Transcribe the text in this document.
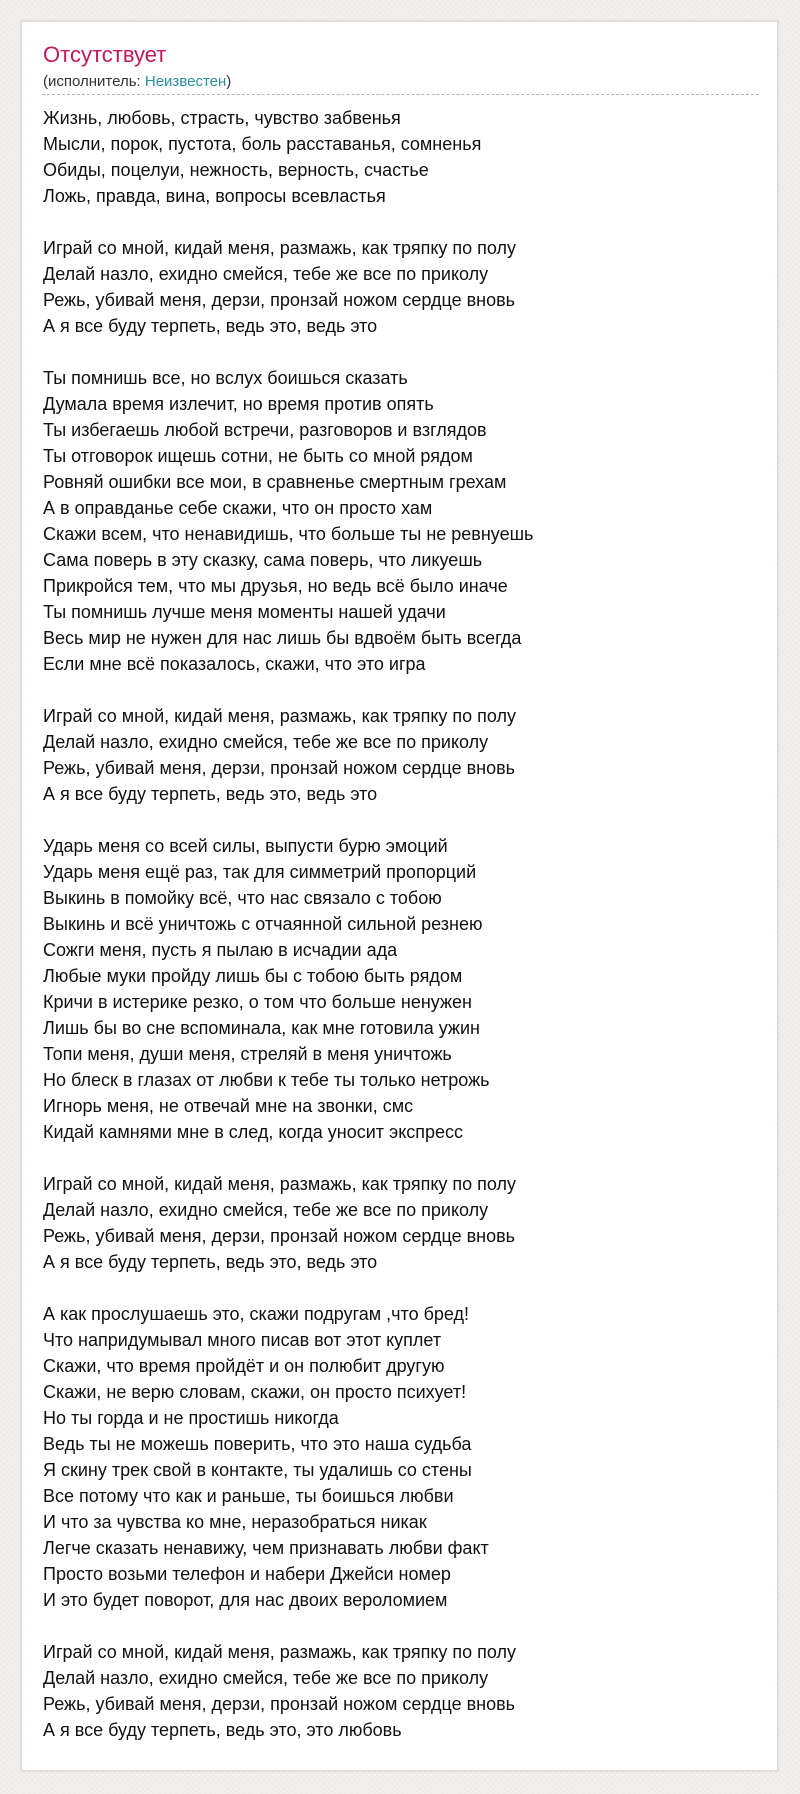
Отсутствует
(исполнитель: Неизвестен)
Жизнь, любовь, страсть, чувство забвенья
Мысли, порок, пустота, боль расставанья, сомненья
Обиды, поцелуи, нежность, верность, счастье
Ложь, правда, вина, вопросы всевластья
Играй со мной, кидай меня, размажь, как тряпку по полу
Делай назло, ехидно смейся, тебе же все по приколу
Режь, убивай меня, дерзи, пронзай ножом сердце вновь
А я все буду терпеть, ведь это, ведь это
Ты помнишь все, но вслух боишься сказать
Думала время излечит, но время против опять
Ты избегаешь любой встречи, разговоров и взглядов
Ты отговорок ищешь сотни, не быть со мной рядом
Ровняй ошибки все мои, в сравненье смертным грехам
А в оправданье себе скажи, что он просто хам
Скажи всем, что ненавидишь, что больше ты не ревнуешь
Сама поверь в эту сказку, сама поверь, что ликуешь
Прикройся тем, что мы друзья, но ведь всё было иначе
Ты помнишь лучше меня моменты нашей удачи
Весь мир не нужен для нас лишь бы вдвоём быть всегда
Если мне всё показалось, скажи, что это игра
Играй со мной, кидай меня, размажь, как тряпку по полу
Делай назло, ехидно смейся, тебе же все по приколу
Режь, убивай меня, дерзи, пронзай ножом сердце вновь
А я все буду терпеть, ведь это, ведь это
Ударь меня со всей силы, выпусти бурю эмоций
Ударь меня ещё раз, так для симметрий пропорций
Выкинь в помойку всё, что нас связало с тобою
Выкинь и всё уничтожь с отчаянной сильной резнею
Сожги меня, пусть я пылаю в исчадии ада
Любые муки пройду лишь бы с тобою быть рядом
Кричи в истерике резко, о том что больше ненужен
Лишь бы во сне вспоминала, как мне готовила ужин
Топи меня, души меня, стреляй в меня уничтожь
Но блеск в глазах от любви к тебе ты только нетрожь
Игнорь меня, не отвечай мне на звонки, смс
Кидай камнями мне в след, когда уносит экспресс
Играй со мной, кидай меня, размажь, как тряпку по полу
Делай назло, ехидно смейся, тебе же все по приколу
Режь, убивай меня, дерзи, пронзай ножом сердце вновь
А я все буду терпеть, ведь это, ведь это
А как прослушаешь это, скажи подругам ,что бред!
Что напридумывал много писав вот этот куплет
Скажи, что время пройдёт и он полюбит другую
Скажи, не верю словам, скажи, он просто психует!
Но ты горда и не простишь никогда
Ведь ты не можешь поверить, что это наша судьба
Я скину трек свой в контакте, ты удалишь со стены
Все потому что как и раньше, ты боишься любви
И что за чувства ко мне, неразобраться никак
Легче сказать ненавижу, чем признавать любви факт
Просто возьми телефон и набери Джейси номер
И это будет поворот, для нас двоих вероломием
Играй со мной, кидай меня, размажь, как тряпку по полу
Делай назло, ехидно смейся, тебе же все по приколу
Режь, убивай меня, дерзи, пронзай ножом сердце вновь
А я все буду терпеть, ведь это, это любовь
